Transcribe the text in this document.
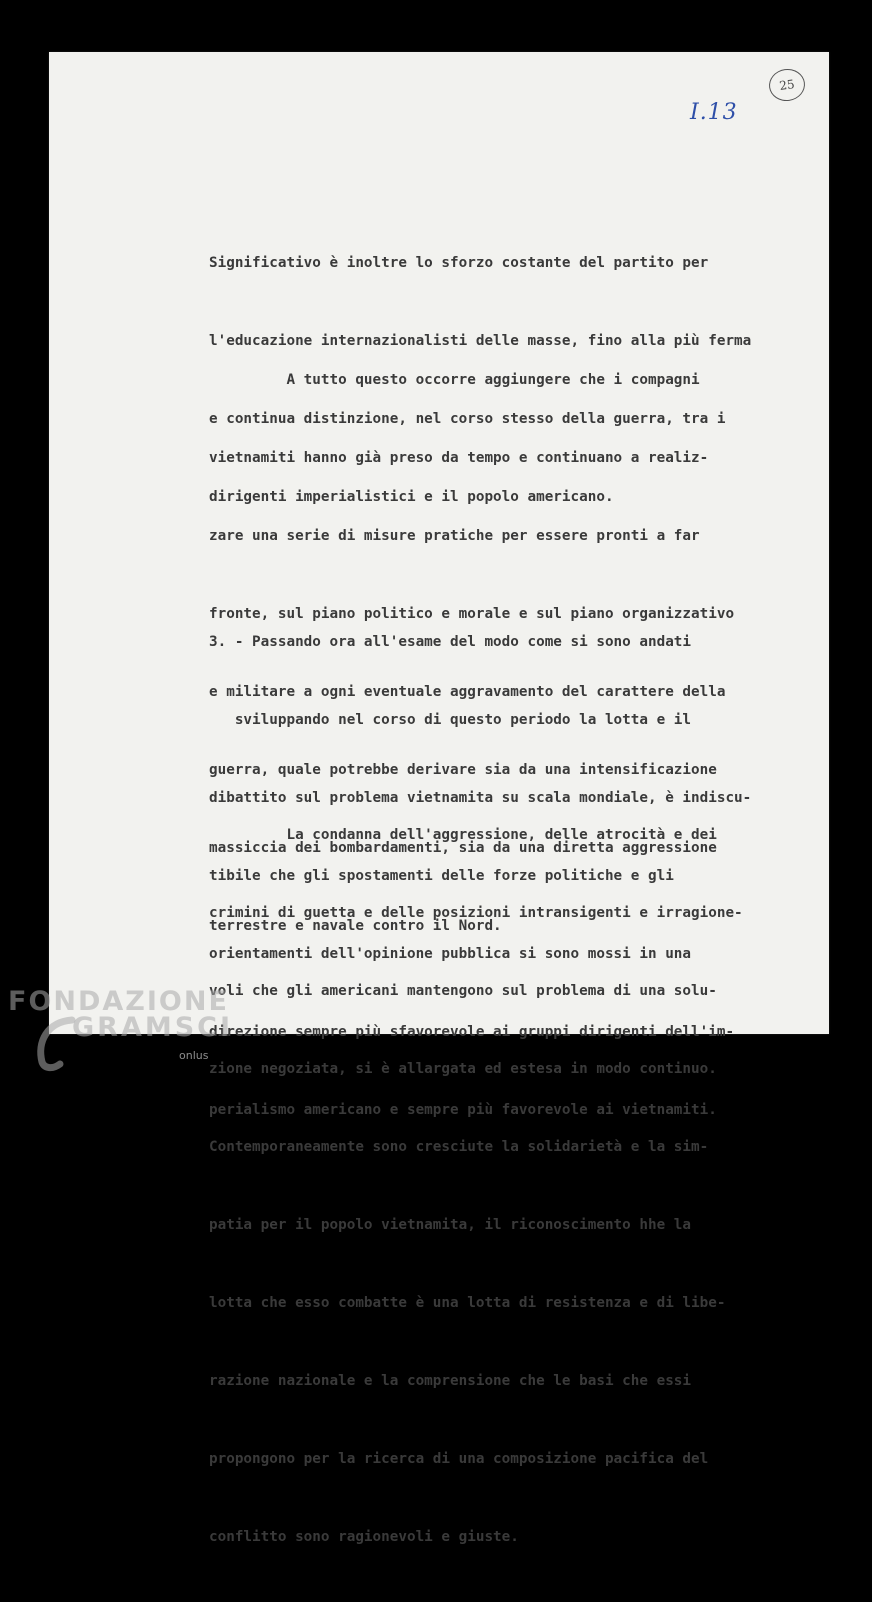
25
I.13

Significativo è inoltre lo sforzo costante del partito per

l'educazione internazionalisti delle masse, fino alla più ferma

e continua distinzione, nel corso stesso della guerra, tra i

dirigenti imperialistici e il popolo americano.

A tutto questo occorre aggiungere che i compagni

vietnamiti hanno già preso da tempo e continuano a realiz-

zare una serie di misure pratiche per essere pronti a far

fronte, sul piano politico e morale e sul piano organizzativo

e militare a ogni eventuale aggravamento del carattere della

guerra, quale potrebbe derivare sia da una intensificazione

massiccia dei bombardamenti, sia da una diretta aggressione

terrestre e navale contro il Nord.

3. - Passando ora all'esame del modo come si sono andati

sviluppando nel corso di questo periodo la lotta e il

dibattito sul problema vietnamita su scala mondiale, è indiscu-

tibile che gli spostamenti delle forze politiche e gli

orientamenti dell'opinione pubblica si sono mossi in una

direzione sempre più sfavorevole ai gruppi dirigenti dell'im-

perialismo americano e sempre più favorevole ai vietnamiti.

La condanna dell'aggressione, delle atrocità e dei

crimini di guetta e delle posizioni intransigenti e irragione-

voli che gli americani mantengono sul problema di una solu-

zione negoziata, si è allargata ed estesa in modo continuo.

Contemporaneamente sono cresciute la solidarietà e la sim-

patia per il popolo vietnamita, il riconoscimento hhe la

lotta che esso combatte è una lotta di resistenza e di libe-

razione nazionale e la comprensione che le basi che essi

propongono per la ricerca di una composizione pacifica del

conflitto sono ragionevoli e giuste.

FONDAZIONE
GRAMSCI
onlus
